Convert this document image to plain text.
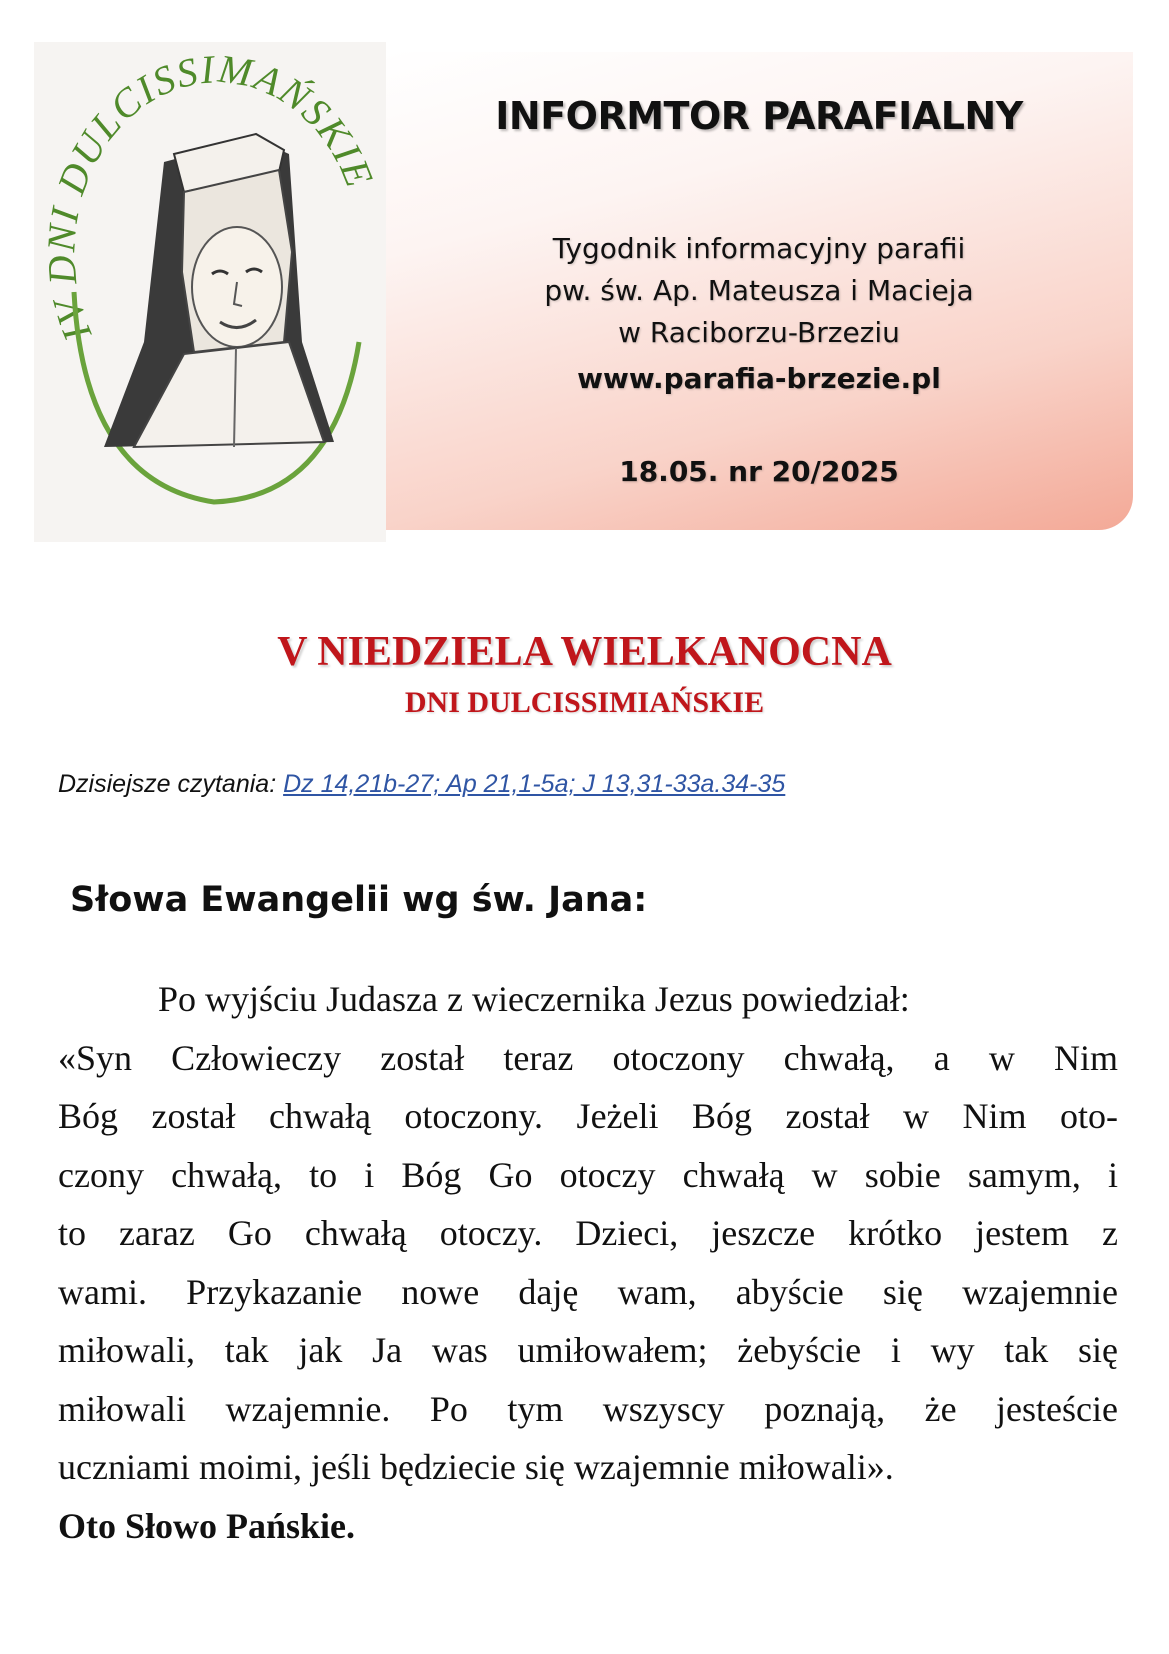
IV DNI DULCISSIMAŃSKIE
INFORMTOR PARAFIALNY
Tygodnik informacyjny parafii
pw. św. Ap. Mateusza i Macieja
w Raciborzu-Brzeziu
www.parafia-brzezie.pl
18.05. nr 20/2025
V NIEDZIELA WIELKANOCNA
DNI DULCISSIMIAŃSKIE
Dzisiejsze czytania: Dz 14,21b-27; Ap 21,1-5a; J 13,31-33a.34-35
Słowa Ewangelii wg św. Jana:
Po wyjściu Judasza z wieczernika Jezus powiedział:
«Syn Człowieczy został teraz otoczony chwałą, a w Nim
Bóg został chwałą otoczony. Jeżeli Bóg został w Nim oto-
czony chwałą, to i Bóg Go otoczy chwałą w sobie samym, i
to zaraz Go chwałą otoczy. Dzieci, jeszcze krótko jestem z
wami. Przykazanie nowe daję wam, abyście się wzajemnie
miłowali, tak jak Ja was umiłowałem; żebyście i wy tak się
miłowali wzajemnie. Po tym wszyscy poznają, że jesteście
uczniami moimi, jeśli będziecie się wzajemnie miłowali».
Oto Słowo Pańskie.
